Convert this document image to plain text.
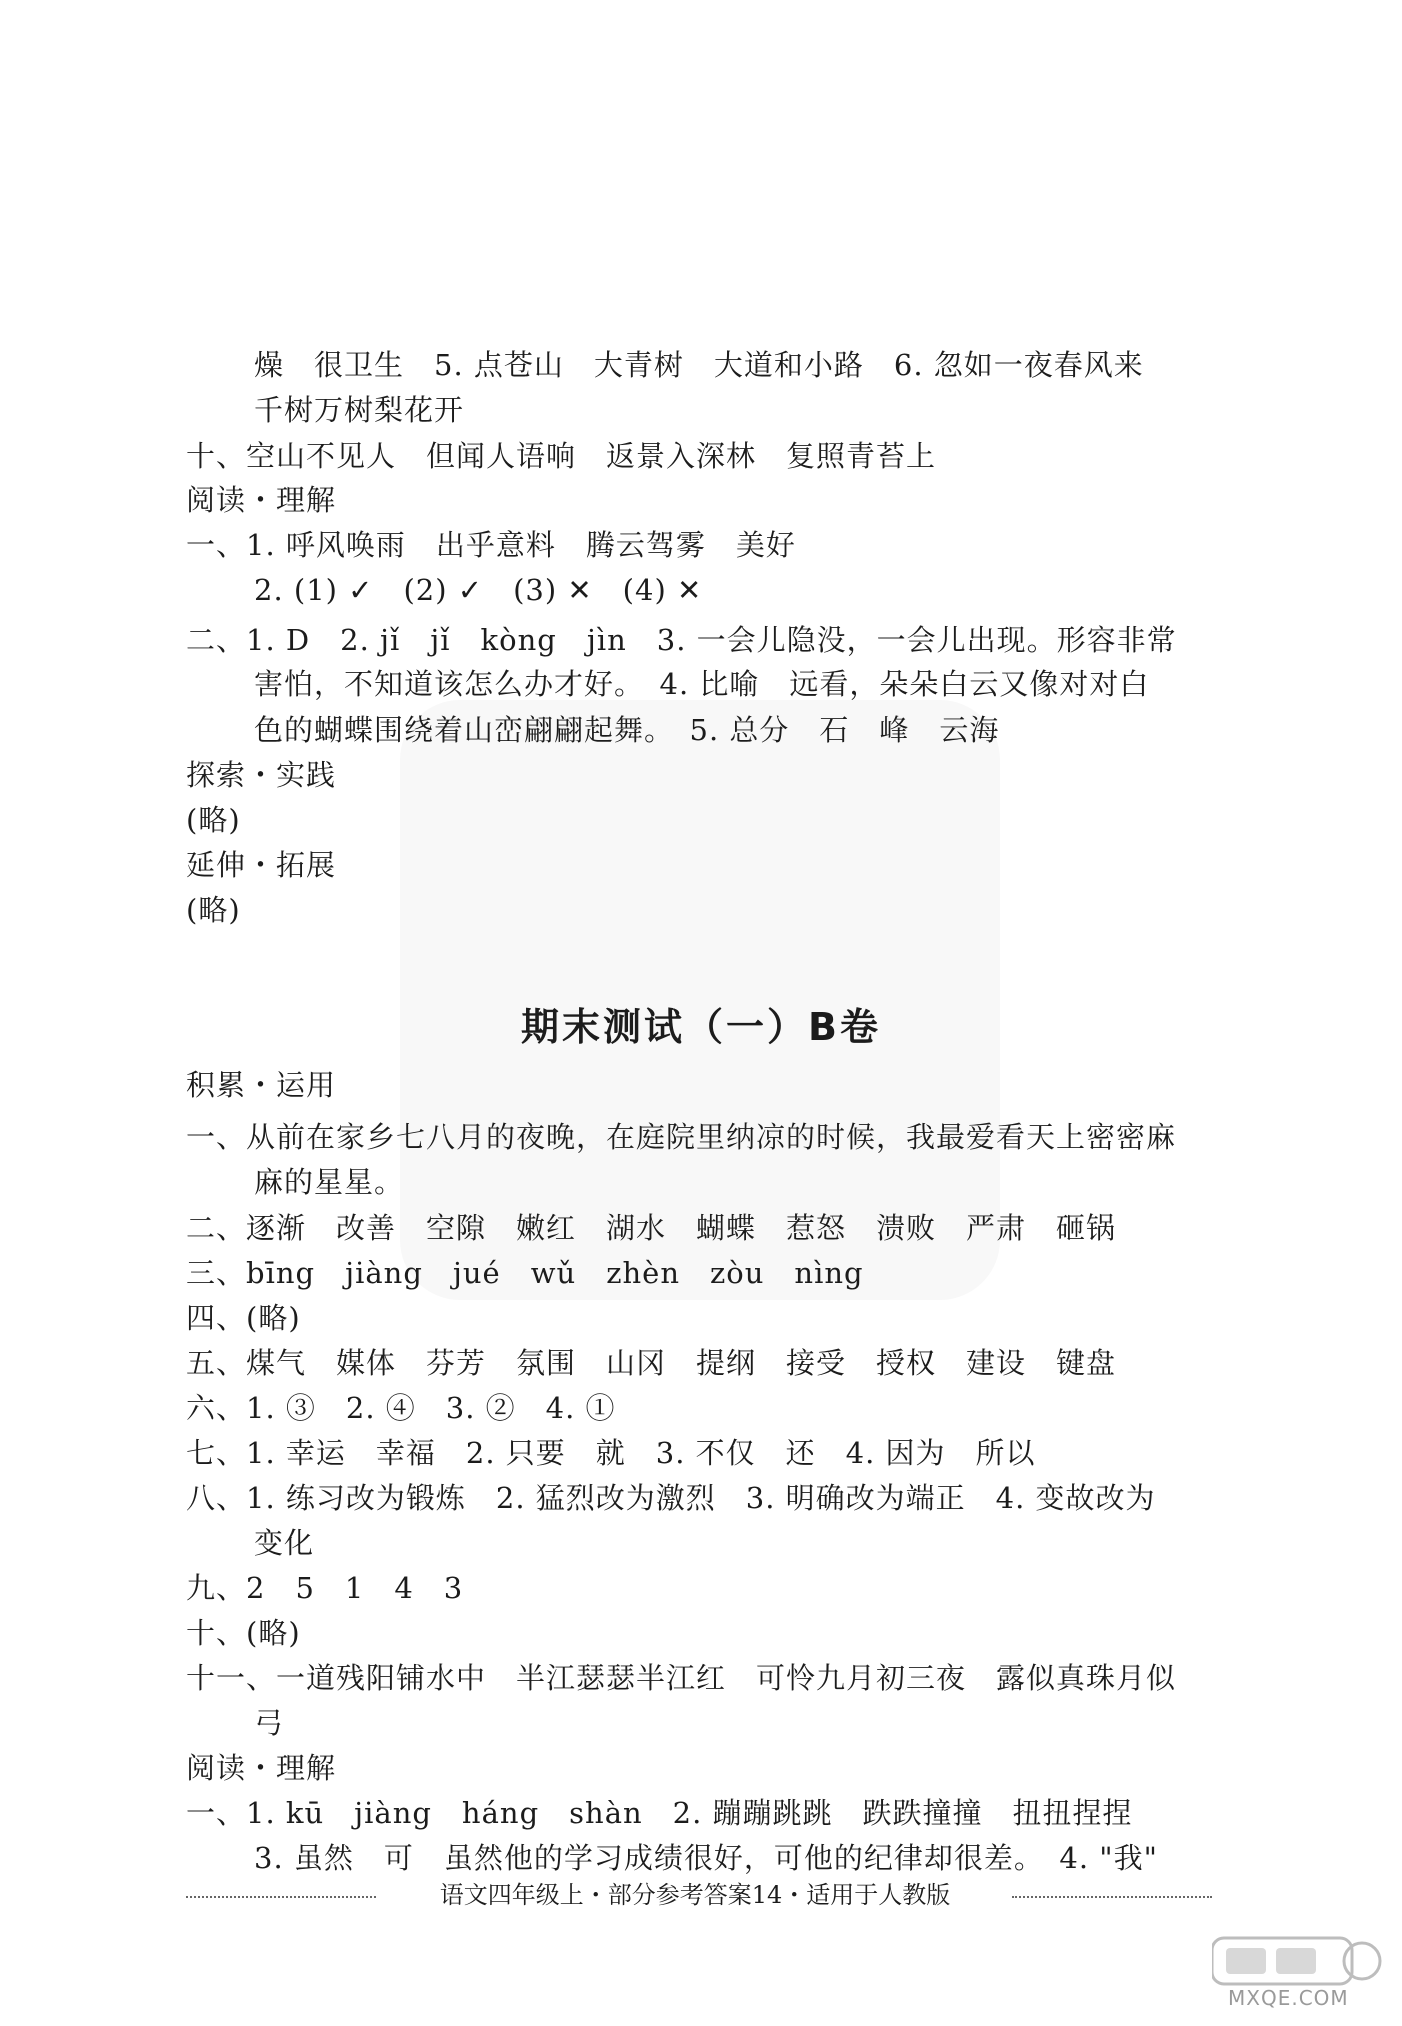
燥　很卫生　5. 点苍山　大青树　大道和小路　6. 忽如一夜春风来
千树万树梨花开
十、空山不见人　但闻人语响　返景入深林　复照青苔上
阅读・理解
一、1. 呼风唤雨　出乎意料　腾云驾雾　美好
2. (1) ✓　(2) ✓　(3) ✕　(4) ✕
二、1. D　2. jǐ　jǐ　kòng　jìn　3. 一会儿隐没，一会儿出现。形容非常
害怕，不知道该怎么办才好。　4. 比喻　远看，朵朵白云又像对对白
色的蝴蝶围绕着山峦翩翩起舞。　5. 总分　石　峰　云海
探索・实践
(略)
延伸・拓展
(略)
期末测试（一）B卷
积累・运用
一、从前在家乡七八月的夜晚，在庭院里纳凉的时候，我最爱看天上密密麻
麻的星星。
二、逐渐　改善　空隙　嫩红　湖水　蝴蝶　惹怒　溃败　严肃　砸锅
三、bīng　jiàng　jué　wǔ　zhèn　zòu　nìng
四、(略)
五、煤气　媒体　芬芳　氛围　山冈　提纲　接受　授权　建设　键盘
六、1. ③　2. ④　3. ②　4. ①
七、1. 幸运　幸福　2. 只要　就　3. 不仅　还　4. 因为　所以
八、1. 练习改为锻炼　2. 猛烈改为激烈　3. 明确改为端正　4. 变故改为
变化
九、2　5　1　4　3
十、(略)
十一、一道残阳铺水中　半江瑟瑟半江红　可怜九月初三夜　露似真珠月似
弓
阅读・理解
一、1. kū　jiàng　háng　shàn　2. 蹦蹦跳跳　跌跌撞撞　扭扭捏捏
3. 虽然　可　虽然他的学习成绩很好，可他的纪律却很差。　4. "我"
语文四年级上・部分参考答案14・适用于人教版
MXQE.COM
